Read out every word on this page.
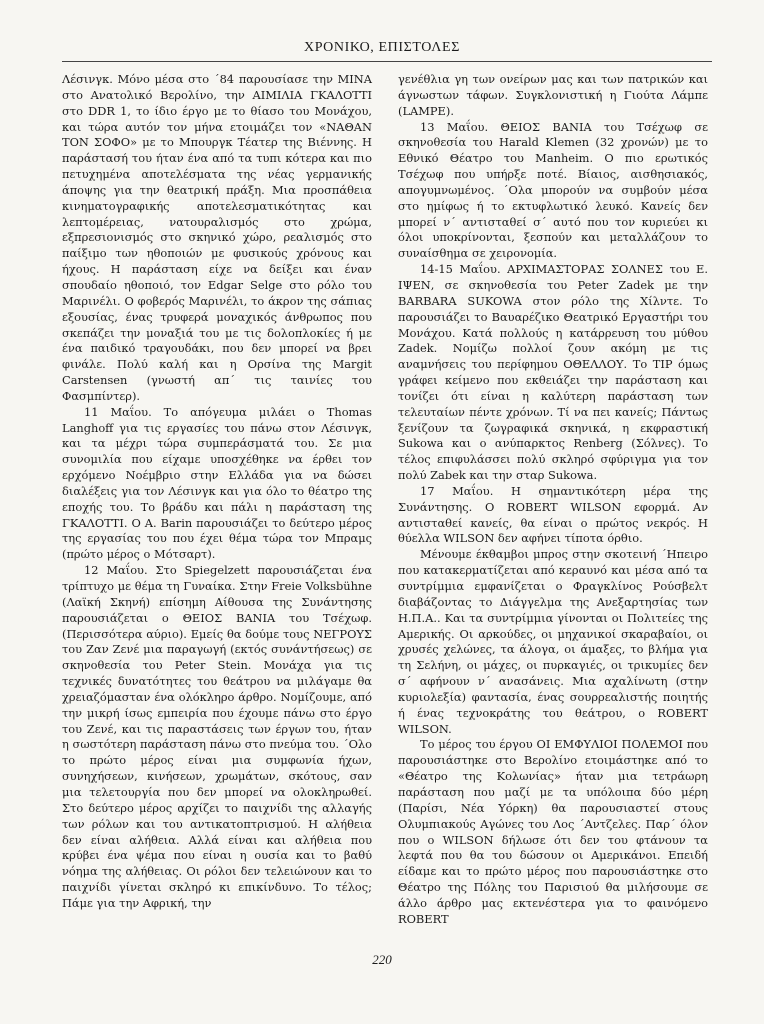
ΧΡΟΝΙΚΟ, ΕΠΙΣΤΟΛΕΣ

Λέσινγκ. Μόνο μέσα στο ΄84 παρουσίασε την ΜΙΝΑ στο Ανατολικό Βερολίνο, την ΑΙΜΙΛΙΑ ΓΚΑΛΟΤΤΙ στο DDR 1, το ίδιο έργο με το θίασο του Μονάχου, και τώρα αυτόν τον μήνα ετοιμάζει τον «ΝΑΘΑΝ ΤΟΝ ΣΟΦΟ» με το Μπουργκ Τέατερ της Βιέννης. Η παράστασή του ήταν ένα από τα τυπι κότερα και πιο πετυχημένα αποτελέσματα της νέας γερμανικής άποψης για την θεατρική πράξη. Μια προσπάθεια κινηματογραφικής αποτελεσματικότητας και λεπτομέρειας, νατουραλισμός στο χρώμα, εξπρεσιονισμός στο σκηνικό χώρο, ρεαλισμός στο παίξιμο των ηθοποιών με φυσικούς χρόνους και ήχους. Η παράσταση είχε να δείξει και έναν σπουδαίο ηθοποιό, τον Edgar Selge στο ρόλο του Μαρινέλι. Ο φοβερός Μαρινέλι, το άκρον της σάπιας εξουσίας, ένας τρυφερά μοναχικός άνθρωπος που σκεπάζει την μοναξιά του με τις δολοπλοκίες ή με ένα παιδικό τραγουδάκι, που δεν μπορεί να βρει φινάλε. Πολύ καλή και η Ορσίνα της Margit Carstensen (γνωστή απ΄ τις ταινίες του Φασμπίντερ).

11 Μαΐου. Το απόγευμα μιλάει ο Thomas Langhoff για τις εργασίες του πάνω στον Λέσινγκ, και τα μέχρι τώρα συμπεράσματά του. Σε μια συνομιλία που είχαμε υποσχέθηκε να έρθει τον ερχόμενο Νοέμβριο στην Ελλάδα για να δώσει διαλέξεις για τον Λέσινγκ και για όλο το θέατρο της εποχής του. Το βράδυ και πάλι η παράσταση της ΓΚΑΛΟΤΤΙ. Ο Α. Barin παρουσιάζει το δεύτερο μέρος της εργασίας του που έχει θέμα τώρα τον Μπραμς (πρώτο μέρος ο Μότσαρτ).

12 Μαΐου. Στο Spiegelzett παρουσιάζεται ένα τρίπτυχο με θέμα τη Γυναίκα. Στην Freie Volksbühne (Λαϊκή Σκηνή) επίσημη Αίθουσα της Συνάντησης παρουσιάζεται ο ΘΕΙΟΣ ΒΑΝΙΑ του Τσέχωφ. (Περισσότερα αύριο). Εμείς θα δούμε τους ΝΕΓΡΟΥΣ του Ζαν Ζενέ μια παραγωγή (εκτός συνάντήσεως) σε σκηνοθεσία του Peter Stein. Μονάχα για τις τεχνικές δυνατότητες του θεάτρου να μιλάγαμε θα χρειαζόμασταν ένα ολόκληρο άρθρο. Νομίζουμε, από την μικρή ίσως εμπειρία που έχουμε πάνω στο έργο του Ζενέ, και τις παραστάσεις των έργων του, ήταν η σωστότερη παράσταση πάνω στο πνεύμα του. ΄Ολο το πρώτο μέρος είναι μια συμφωνία ήχων, συνηχήσεων, κινήσεων, χρωμάτων, σκότους, σαν μια τελετουργία που δεν μπορεί να ολοκληρωθεί. Στο δεύτερο μέρος αρχίζει το παιχνίδι της αλλαγής των ρόλων και του αντικατοπτρισμού. Η αλήθεια δεν είναι αλήθεια. Αλλά είναι και αλήθεια που κρύβει ένα ψέμα που είναι η ουσία και το βαθύ νόημα της αλήθειας. Οι ρόλοι δεν τελειώνουν και το παιχνίδι γίνεται σκληρό κι επικίνδυνο. Το τέλος; Πάμε για την Αφρική, την

γενέθλια γη των ονείρων μας και των πατρικών και άγνωστων τάφων. Συγκλονιστική η Γιούτα Λάμπε (LAMPE).

13 Μαΐου. ΘΕΙΟΣ ΒΑΝΙΑ του Τσέχωφ σε σκηνοθεσία του Harald Klemen (32 χρονών) με το Εθνικό Θέατρο του Manheim. Ο πιο ερωτικός Τσέχωφ που υπήρξε ποτέ. Βίαιος, αισθησιακός, απογυμνωμένος. ΄Ολα μπορούν να συμβούν μέσα στο ημίφως ή το εκτυφλωτικό λευκό. Κανείς δεν μπορεί ν΄ αντισταθεί σ΄ αυτό που τον κυριεύει κι όλοι υποκρίνονται, ξεσπούν και μεταλλάζουν το συναίσθημα σε χειρονομία.

14-15 Μαΐου. ΑΡΧΙΜΑΣΤΟΡΑΣ ΣΟΛΝΕΣ του Ε. ΙΨΕΝ, σε σκηνοθεσία του Peter Zadek με την BARBARA SUKOWA στον ρόλο της Χίλντε. Το παρουσιάζει το Βαυαρέζικο Θεατρικό Εργαστήρι του Μονάχου. Κατά πολλούς η κατάρρευση του μύθου Zadek. Νομίζω πολλοί ζουν ακόμη με τις αναμνήσεις του περίφημου ΟΘΕΛΛΟΥ. Το ΤΙΡ όμως γράφει κείμενο που εκθειάζει την παράσταση και τονίζει ότι είναι η καλύτερη παράσταση των τελευταίων πέντε χρόνων. Τί να πει κανείς; Πάντως ξενίζουν τα ζωγραφικά σκηνικά, η εκφραστική Sukowa και ο ανύπαρκτος Renberg (Σόλνες). Το τέλος επιφυλάσσει πολύ σκληρό σφύριγμα για τον πολύ Zabek και την σταρ Sukowa.

17 Μαΐου. Η σημαντικότερη μέρα της Συνάντησης. Ο ROBERT WILSON εφορμά. Αν αντισταθεί κανείς, θα είναι ο πρώτος νεκρός. Η θύελλα WILSON δεν αφήνει τίποτα όρθιο.

Μένουμε έκθαμβοι μπρος στην σκοτεινή ΄Ηπειρο που κατακερματίζεται από κεραυνό και μέσα από τα συντρίμμια εμφανίζεται ο Φραγκλίνος Ρούσβελτ διαβάζοντας το Διάγγελμα της Ανεξαρτησίας των Η.Π.Α.. Και τα συντρίμμια γίνονται οι Πολιτείες της Αμερικής. Οι αρκούδες, οι μηχανικοί σκαραβαίοι, οι χρυσές χελώνες, τα άλογα, οι άμαξες, το βλήμα για τη Σελήνη, οι μάχες, οι πυρκαγιές, οι τρικυμίες δεν σ΄ αφήνουν ν΄ ανασάνεις. Μια αχαλίνωτη (στην κυριολεξία) φαντασία, ένας σουρρεαλιστής ποιητής ή ένας τεχνοκράτης του θεάτρου, ο ROBERT WILSON.

Το μέρος του έργου ΟΙ ΕΜΦΥΛΙΟΙ ΠΟΛΕΜΟΙ που παρουσιάστηκε στο Βερολίνο ετοιμάστηκε από το «Θέατρο της Κολωνίας» ήταν μια τετράωρη παράσταση που μαζί με τα υπόλοιπα δύο μέρη (Παρίσι, Νέα Υόρκη) θα παρουσιαστεί στους Ολυμπιακούς Αγώνες του Λος ΄Αντζελες. Παρ΄ όλον που ο WILSON δήλωσε ότι δεν του φτάνουν τα λεφτά που θα του δώσουν οι Αμερικάνοι. Επειδή είδαμε και το πρώτο μέρος που παρουσιάστηκε στο Θέατρο της Πόλης του Παρισιού θα μιλήσουμε σε άλλο άρθρο μας εκτενέστερα για το φαινόμενο ROBERT

220
